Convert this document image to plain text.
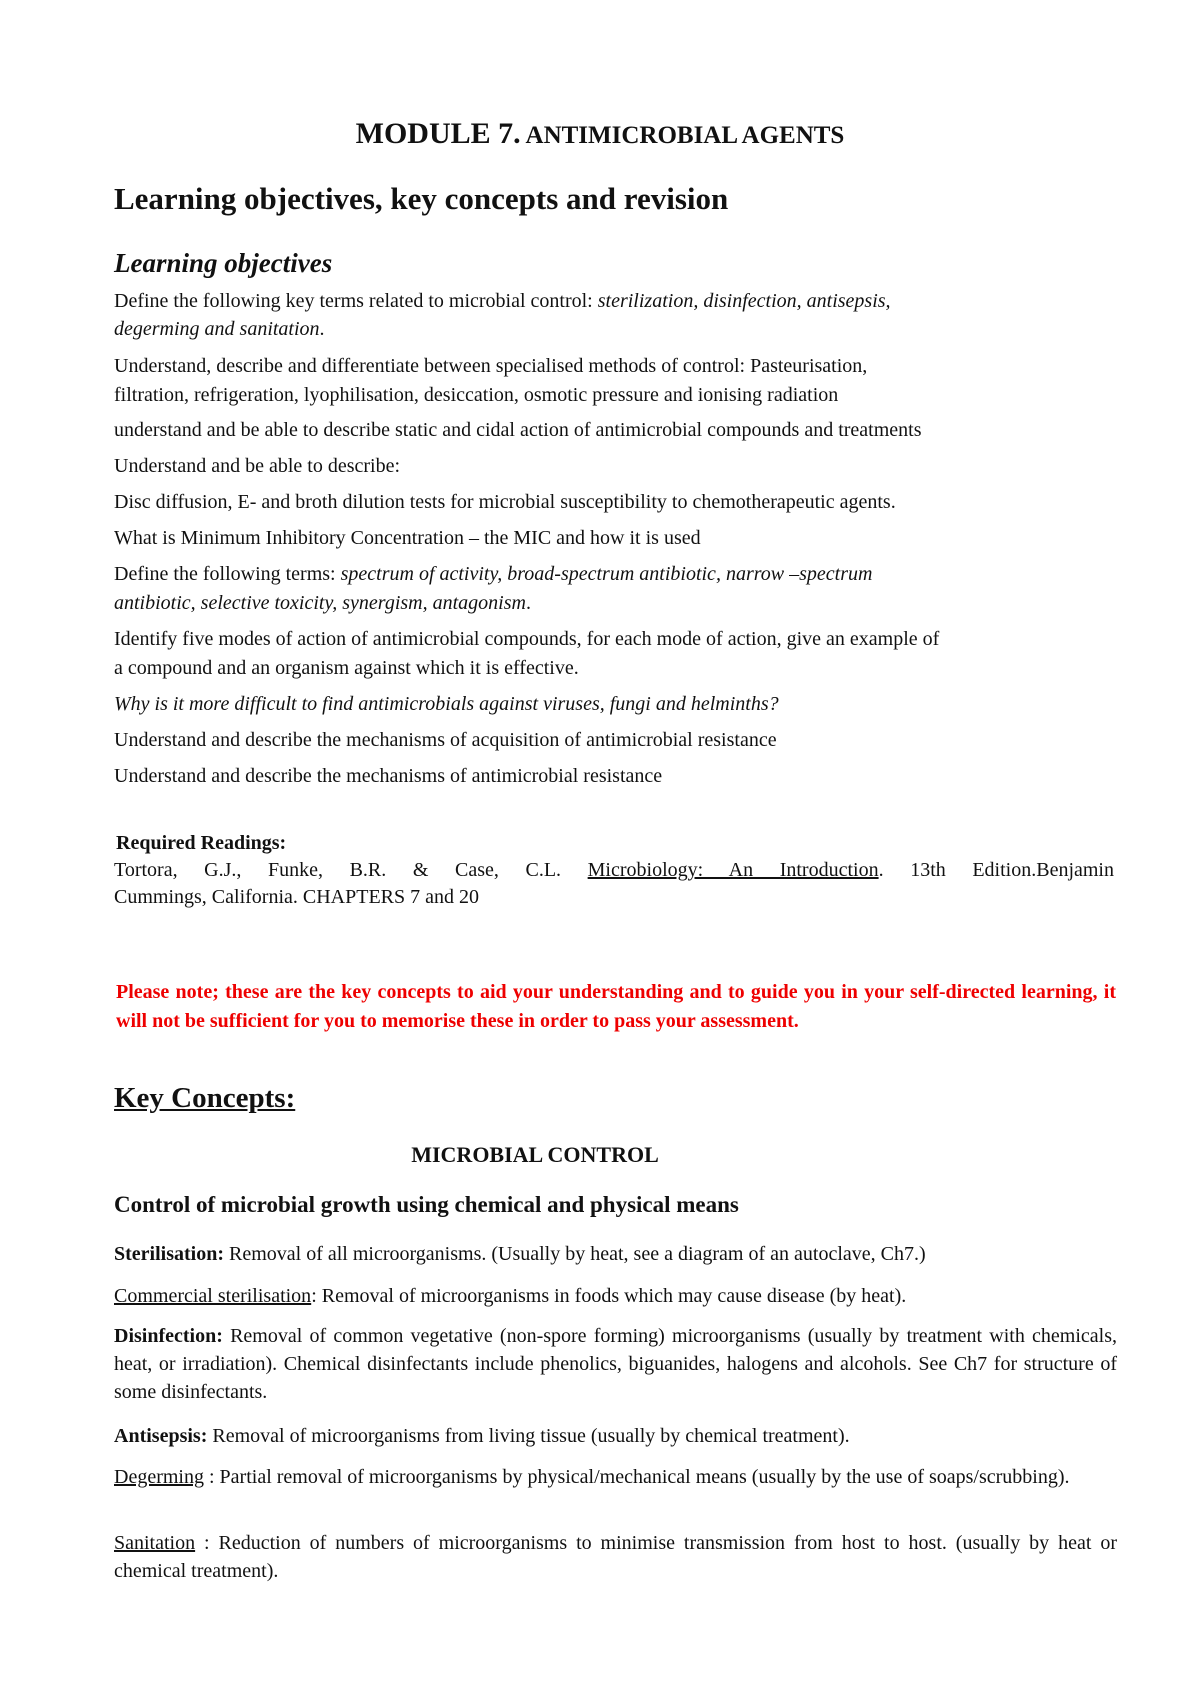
MODULE 7. ANTIMICROBIAL AGENTS
Learning objectives, key concepts and revision
Learning objectives
Define the following key terms related to microbial control: sterilization, disinfection, antisepsis,
degerming and sanitation.
Understand, describe and differentiate between specialised methods of control: Pasteurisation,
filtration, refrigeration, lyophilisation, desiccation, osmotic pressure and ionising radiation
understand and be able to describe static and cidal action of antimicrobial compounds and treatments
Understand and be able to describe:
Disc diffusion, E- and broth dilution tests for microbial susceptibility to chemotherapeutic agents.
What is Minimum Inhibitory Concentration – the MIC and how it is used
Define the following terms: spectrum of activity, broad-spectrum antibiotic, narrow –spectrum
antibiotic, selective toxicity, synergism, antagonism.
Identify five modes of action of antimicrobial compounds, for each mode of action, give an example of
a compound and an organism against which it is effective.
Why is it more difficult to find antimicrobials against viruses, fungi and helminths?
Understand and describe the mechanisms of acquisition of antimicrobial resistance
Understand and describe the mechanisms of antimicrobial resistance
Required Readings:
Tortora, G.J., Funke, B.R. & Case, C.L. Microbiology: An Introduction. 13th Edition.Benjamin
Cummings, California. CHAPTERS 7 and 20
Please note; these are the key concepts to aid your understanding and to guide you in your self-directed learning, it will not be sufficient for you to memorise these in order to pass your assessment.
Key Concepts:
MICROBIAL CONTROL
Control of microbial growth using chemical and physical means
Sterilisation: Removal of all microorganisms. (Usually by heat, see a diagram of an autoclave, Ch7.)
Commercial sterilisation: Removal of microorganisms in foods which may cause disease (by heat).
Disinfection: Removal of common vegetative (non-spore forming) microorganisms (usually by treatment with chemicals, heat, or irradiation). Chemical disinfectants include phenolics, biguanides, halogens and alcohols. See Ch7 for structure of some disinfectants.
Antisepsis: Removal of microorganisms from living tissue (usually by chemical treatment).
Degerming : Partial removal of microorganisms by physical/mechanical means (usually by the use of soaps/scrubbing).
Sanitation : Reduction of numbers of microorganisms to minimise transmission from host to host. (usually by heat or chemical treatment).
